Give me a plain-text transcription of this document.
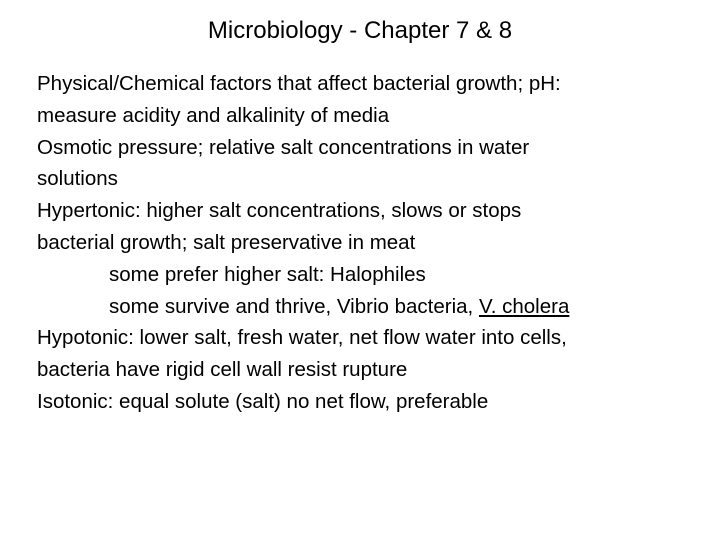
Microbiology - Chapter 7 & 8
Physical/Chemical factors that affect bacterial growth; pH:
measure acidity and alkalinity of media
Osmotic pressure; relative salt concentrations in water
solutions
Hypertonic: higher salt concentrations, slows or stops
bacterial growth; salt preservative in meat
some prefer higher salt: Halophiles
some survive and thrive, Vibrio bacteria, V. cholera
Hypotonic: lower salt, fresh water, net flow water into cells,
bacteria have rigid cell wall resist rupture
Isotonic: equal solute (salt) no net flow, preferable
